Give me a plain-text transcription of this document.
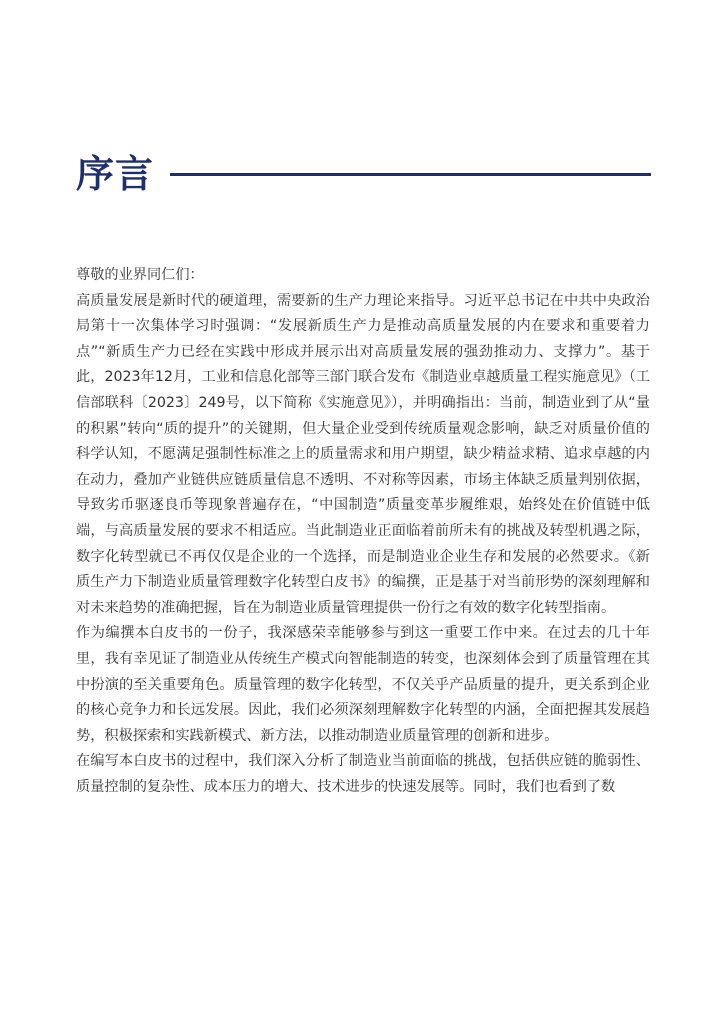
序言

尊敬的业界同仁们：

高质量发展是新时代的硬道理，需要新的生产力理论来指导。习近平总书记在中共中央政治局第十一次集体学习时强调：“发展新质生产力是推动高质量发展的内在要求和重要着力点”“新质生产力已经在实践中形成并展示出对高质量发展的强劲推动力、支撑力”。基于此，2023年12月，工业和信息化部等三部门联合发布《制造业卓越质量工程实施意见》（工信部联科〔2023〕249号，以下简称《实施意见》），并明确指出：当前，制造业到了从“量的积累”转向“质的提升”的关键期，但大量企业受到传统质量观念影响，缺乏对质量价值的科学认知，不愿满足强制性标准之上的质量需求和用户期望，缺少精益求精、追求卓越的内在动力，叠加产业链供应链质量信息不透明、不对称等因素，市场主体缺乏质量判别依据，导致劣币驱逐良币等现象普遍存在，“中国制造”质量变革步履维艰，始终处在价值链中低端，与高质量发展的要求不相适应。当此制造业正面临着前所未有的挑战及转型机遇之际，数字化转型就已不再仅仅是企业的一个选择，而是制造业企业生存和发展的必然要求。《新质生产力下制造业质量管理数字化转型白皮书》的编撰，正是基于对当前形势的深刻理解和对未来趋势的准确把握，旨在为制造业质量管理提供一份行之有效的数字化转型指南。

作为编撰本白皮书的一份子，我深感荣幸能够参与到这一重要工作中来。在过去的几十年里，我有幸见证了制造业从传统生产模式向智能制造的转变，也深刻体会到了质量管理在其中扮演的至关重要角色。质量管理的数字化转型，不仅关乎产品质量的提升，更关系到企业的核心竞争力和长远发展。因此，我们必须深刻理解数字化转型的内涵，全面把握其发展趋势，积极探索和实践新模式、新方法，以推动制造业质量管理的创新和进步。

在编写本白皮书的过程中，我们深入分析了制造业当前面临的挑战，包括供应链的脆弱性、质量控制的复杂性、成本压力的增大、技术进步的快速发展等。同时，我们也看到了数
